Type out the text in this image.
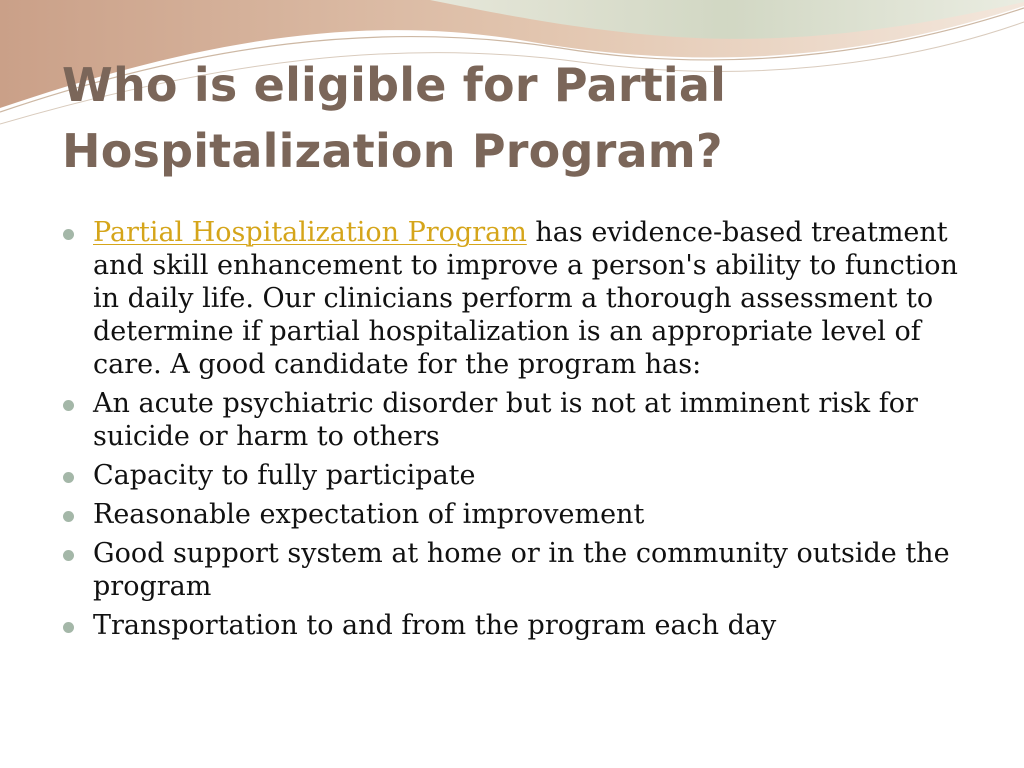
Who is eligible for Partial
Hospitalization Program?
Partial Hospitalization Program has evidence-based treatment and skill enhancement to improve a person's ability to function in daily life. Our clinicians perform a thorough assessment to determine if partial hospitalization is an appropriate level of care. A good candidate for the program has:
An acute psychiatric disorder but is not at imminent risk for suicide or harm to others
Capacity to fully participate
Reasonable expectation of improvement
Good support system at home or in the community outside the program
Transportation to and from the program each day
